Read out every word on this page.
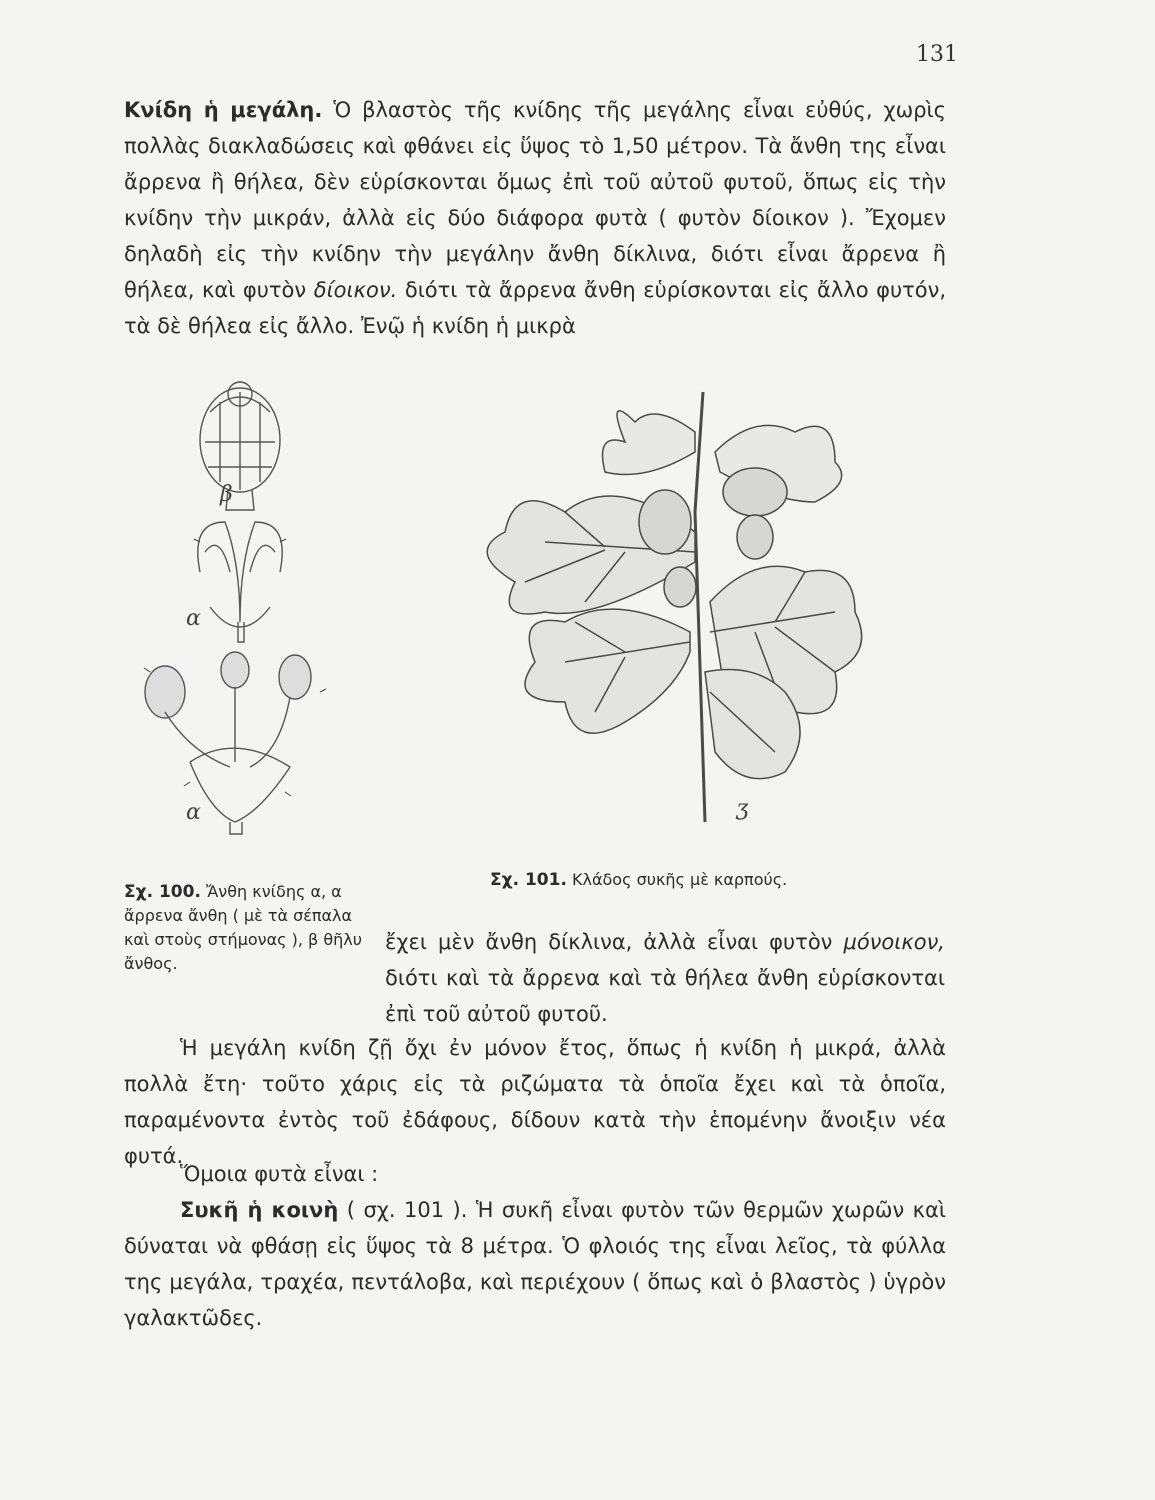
131
Κνίδη ἡ μεγάλη. Ὁ βλαστὸς τῆς κνίδης τῆς μεγάλης εἶναι εὐθύς, χωρὶς πολλὰς διακλαδώσεις καὶ φθάνει εἰς ὕψος τὸ 1,50 μέτρον. Τὰ ἄνθη της εἶναι ἄρρενα ἢ θήλεα, δὲν εὑρίσκονται ὅμως ἐπὶ τοῦ αὐτοῦ φυτοῦ, ὅπως εἰς τὴν κνίδην τὴν μικράν, ἀλλὰ εἰς δύο διάφορα φυτὰ ( φυτὸν δίοικον ). Ἔχομεν δηλαδὴ εἰς τὴν κνίδην τὴν μεγάλην ἄνθη δίκλινα, διότι εἶναι ἄρρενα ἢ θήλεα, καὶ φυτὸν δίοικον. διότι τὰ ἄρρενα ἄνθη εὑρίσκονται εἰς ἄλλο φυτόν, τὰ δὲ θήλεα εἰς ἄλλο. Ἐνῷ ἡ κνίδη ἡ μικρὰ
β
α
α	ʒ
Σχ. 100. Ἄνθη κνίδης α, α ἄρρενα ἄνθη ( μὲ τὰ σέπαλα καὶ στοὺς στήμονας ), β θῆλυ ἄνθος.
Σχ. 101. Κλάδος συκῆς μὲ καρπούς.
ἔχει μὲν ἄνθη δίκλινα, ἀλλὰ εἶναι φυτὸν μόνοικον, διότι καὶ τὰ ἄρρενα καὶ τὰ θήλεα ἄνθη εὑρίσκονται ἐπὶ τοῦ αὐτοῦ φυτοῦ.
Ἡ μεγάλη κνίδη ζῇ ὄχι ἐν μόνον ἔτος, ὅπως ἡ κνίδη ἡ μικρά, ἀλλὰ πολλὰ ἔτη· τοῦτο χάρις εἰς τὰ ριζώματα τὰ ὁποῖα ἔχει καὶ τὰ ὁποῖα, παραμένοντα ἐντὸς τοῦ ἐδάφους, δίδουν κατὰ τὴν ἑπομένην ἄνοιξιν νέα φυτά.
Ὅμοια φυτὰ εἶναι :
Συκῆ ἡ κοινὴ ( σχ. 101 ). Ἡ συκῆ εἶναι φυτὸν τῶν θερμῶν χωρῶν καὶ δύναται νὰ φθάσῃ εἰς ὕψος τὰ 8 μέτρα. Ὁ φλοιός της εἶναι λεῖος, τὰ φύλλα της μεγάλα, τραχέα, πεντάλοβα, καὶ περιέχουν ( ὅπως καὶ ὁ βλαστὸς ) ὑγρὸν γαλακτῶδες.
